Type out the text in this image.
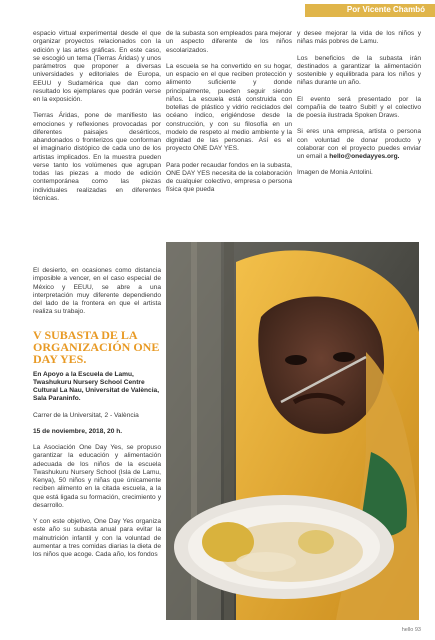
Por Vicente Chambó

espacio virtual experimental desde el que organizar proyectos relacionados con la edición y las artes gráficas. En este caso, se escogió un tema (Tierras Áridas) y unos parámetros que proponer a diversas universidades y editoriales de Europa, EEUU y Sudamérica que dan como resultado los ejemplares que podrán verse en la exposición.

Tierras Áridas, pone de manifiesto las emociones y reflexiones provocadas por diferentes paisajes desérticos, abandonados o fronterizos que conforman el imaginario distópico de cada uno de los artistas implicados. En la muestra pueden verse tanto los volúmenes que agrupan todas las piezas a modo de edición contemporánea como las piezas individuales realizadas en diferentes técnicas.

de la subasta son empleados para mejorar un aspecto diferente de los niños escolarizados.

La escuela se ha convertido en su hogar, un espacio en el que reciben protección y alimento suficiente y donde principalmente, pueden seguir siendo niños. La escuela está construida con botellas de plástico y vidrio reciclados del océano índico, erigiéndose desde la construcción, y con su filosofía en un modelo de respeto al medio ambiente y la dignidad de las personas. Así es el proyecto ONE DAY YES.

Para poder recaudar fondos en la subasta, ONE DAY YES necesita de la colaboración de cualquier colectivo, empresa o persona física que pueda

y desee mejorar la vida de los niños y niñas más pobres de Lamu.

Los beneficios de la subasta irán destinados a garantizar la alimentación sostenible y equilibrada para los niños y niñas durante un año.

El evento será presentado por la compañía de teatro Subit! y el colectivo de poesía ilustrada Spoken Draws.

Si eres una empresa, artista o persona con voluntad de donar producto y colaborar con el proyecto puedes enviar un email a hello@onedayyes.org.

Imagen de Monia Antolini.

El desierto, en ocasiones como distancia imposible a vencer, en el caso especial de México y EEUU, se abre a una interpretación muy diferente dependiendo del lado de la frontera en que el artista realiza su trabajo.

V SUBASTA DE LA ORGANIZACIÓN ONE DAY YES.

En Apoyo a la Escuela de Lamu, Twashukuru Nursery School Centre Cultural La Nau, Universitat de València, Sala Paraninfo.

Carrer de la Universitat, 2 - València

15 de noviembre, 2018, 20 h.

La Asociación One Day Yes, se propuso garantizar la educación y alimentación adecuada de los niños de la escuela Twashukuru Nursery School (Isla de Lamu, Kenya), 50 niños y niñas que únicamente reciben alimento en la citada escuela, a la que está ligada su formación, crecimiento y desarrollo.

Y con este objetivo, One Day Yes organiza este año su subasta anual para evitar la malnutrición infantil y con la voluntad de aumentar a tres comidas diarias la dieta de los niños que acoge. Cada año, los fondos

hello 93
